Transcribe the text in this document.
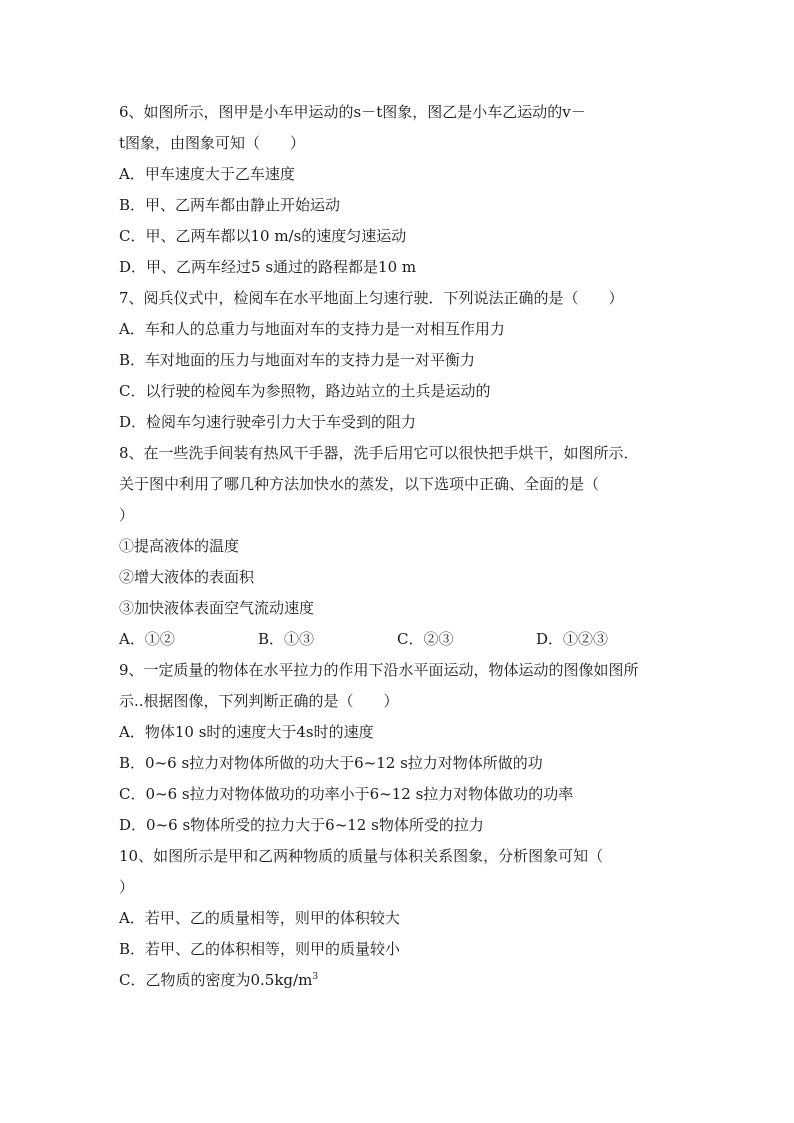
6、如图所示，图甲是小车甲运动的s－t图象，图乙是小车乙运动的v－
t图象，由图象可知（　　）
A．甲车速度大于乙车速度
B．甲、乙两车都由静止开始运动
C．甲、乙两车都以10 m/s的速度匀速运动
D．甲、乙两车经过5 s通过的路程都是10 m
7、阅兵仪式中，检阅车在水平地面上匀速行驶．下列说法正确的是（　　）
A．车和人的总重力与地面对车的支持力是一对相互作用力
B．车对地面的压力与地面对车的支持力是一对平衡力
C．以行驶的检阅车为参照物，路边站立的土兵是运动的
D．检阅车匀速行驶牵引力大于车受到的阻力
8、在一些洗手间装有热风干手器，洗手后用它可以很快把手烘干，如图所示．
关于图中利用了哪几种方法加快水的蒸发，以下选项中正确、全面的是（
）
①提高液体的温度
②增大液体的表面积
③加快液体表面空气流动速度
A．①②	B．①③	C．②③	D．①②③
9、一定质量的物体在水平拉力的作用下沿水平面运动，物体运动的图像如图所
示..根据图像，下列判断正确的是（　　）
A．物体10 s时的速度大于4s时的速度
B．0~6 s拉力对物体所做的功大于6~12 s拉力对物体所做的功
C．0~6 s拉力对物体做功的功率小于6~12 s拉力对物体做功的功率
D．0~6 s物体所受的拉力大于6~12 s物体所受的拉力
10、如图所示是甲和乙两种物质的质量与体积关系图象，分析图象可知（
）
A．若甲、乙的质量相等，则甲的体积较大
B．若甲、乙的体积相等，则甲的质量较小
C．乙物质的密度为$0.5kg/m^3$
